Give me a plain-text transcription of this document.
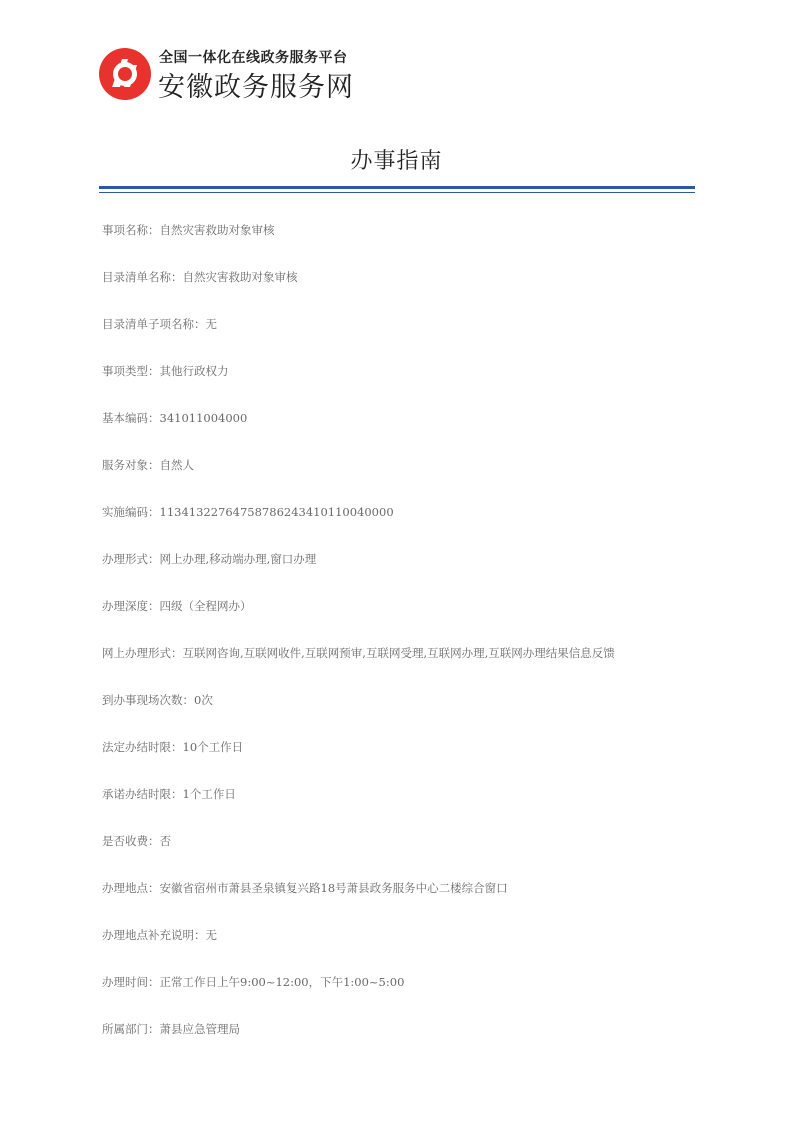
全国一体化在线政务服务平台
安徽政务服务网
办事指南
事项名称：自然灾害救助对象审核
目录清单名称：自然灾害救助对象审核
目录清单子项名称：无
事项类型：其他行政权力
基本编码：341011004000
服务对象：自然人
实施编码：11341322764758786243410110040000
办理形式：网上办理,移动端办理,窗口办理
办理深度：四级（全程网办）
网上办理形式：互联网咨询,互联网收件,互联网预审,互联网受理,互联网办理,互联网办理结果信息反馈
到办事现场次数：0次
法定办结时限：10个工作日
承诺办结时限：1个工作日
是否收费：否
办理地点：安徽省宿州市萧县圣泉镇复兴路18号萧县政务服务中心二楼综合窗口
办理地点补充说明：无
办理时间：正常工作日上午9:00~12:00，下午1:00~5:00
所属部门：萧县应急管理局
